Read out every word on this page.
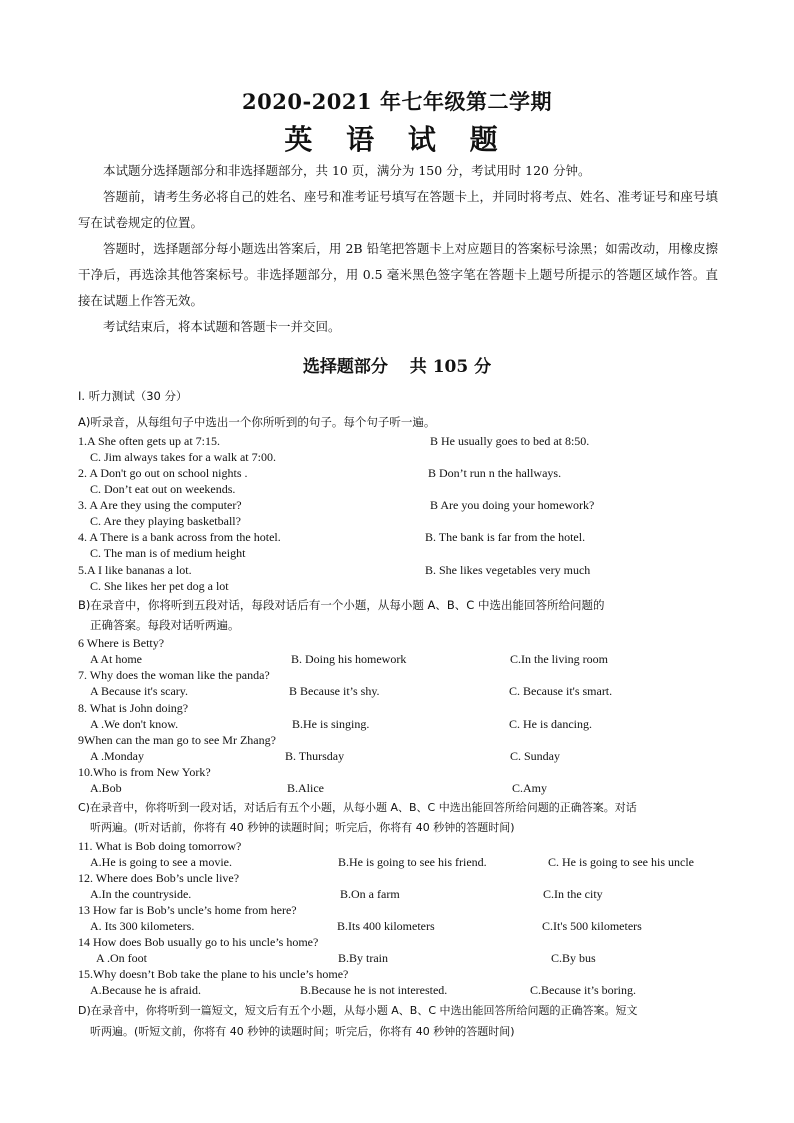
2020-2021 年七年级第二学期
英 语 试 题

本试题分选择题部分和非选择题部分，共 10 页，满分为 150 分，考试用时 120 分钟。

答题前，请考生务必将自己的姓名、座号和准考证号填写在答题卡上，并同时将考点、姓名、准考证号和座号填写在试卷规定的位置。

答题时，选择题部分每小题选出答案后，用 2B 铅笔把答题卡上对应题目的答案标号涂黑；如需改动，用橡皮擦干净后，再选涂其他答案标号。非选择题部分，用 0.5 毫米黑色签字笔在答题卡上题号所提示的答题区域作答。直接在试题上作答无效。

考试结束后，将本试题和答题卡一并交回。

选择题部分 共 105 分
I. 听力测试（30 分）
A)听录音，从每组句子中选出一个你所听到的句子。每个句子听一遍。
1.A She often gets up at 7:15.	B He usually goes to bed at 8:50.
C. Jim always takes for a walk at 7:00.
2. A Don't go out on school nights .	B Don’t run n the hallways.
C. Don’t eat out on weekends.
3. A Are they using the computer?	B Are you doing your homework?
C. Are they playing basketball?
4. A There is a bank across from the hotel.	B. The bank is far from the hotel.
C. The man is of medium height
5.A I like bananas a lot.	B. She likes vegetables very much
C. She likes her pet dog a lot
B)在录音中，你将听到五段对话，每段对话后有一个小题，从每小题 A、B、C 中选出能回答所给问题的
正确答案。每段对话听两遍。
6 Where is Betty?
A At home	B. Doing his homework	C.In the living room
7. Why does the woman like the panda?
A Because it's scary.	B Because it’s shy.	C. Because it's smart.
8. What is John doing?
A .We don't know.	B.He is singing.	C. He is dancing.
9When can the man go to see Mr Zhang?
A .Monday	B. Thursday	C. Sunday
10.Who is from New York?
A.Bob	B.Alice	C.Amy
C)在录音中，你将听到一段对话，对话后有五个小题，从每小题 A、B、C 中选出能回答所给问题的正确答案。对话
听两遍。(听对话前，你将有 40 秒钟的读题时间；听完后，你将有 40 秒钟的答题时间)
11. What is Bob doing tomorrow?
A.He is going to see a movie.	B.He is going to see his friend.	C. He is going to see his uncle
12. Where does Bob’s uncle live?
A.In the countryside.	B.On a farm	C.In the city
13 How far is Bob’s uncle’s home from here?
A. Its 300 kilometers.	B.Its 400 kilometers	C.It's 500 kilometers
14 How does Bob usually go to his uncle’s home?
A .On foot	B.By train	C.By bus
15.Why doesn’t Bob take the plane to his uncle’s home?
A.Because he is afraid.	B.Because he is not interested.	C.Because it’s boring.
D)在录音中，你将听到一篇短文，短文后有五个小题，从每小题 A、B、C 中选出能回答所给问题的正确答案。短文
听两遍。(听短文前，你将有 40 秒钟的读题时间；听完后，你将有 40 秒钟的答题时间)
